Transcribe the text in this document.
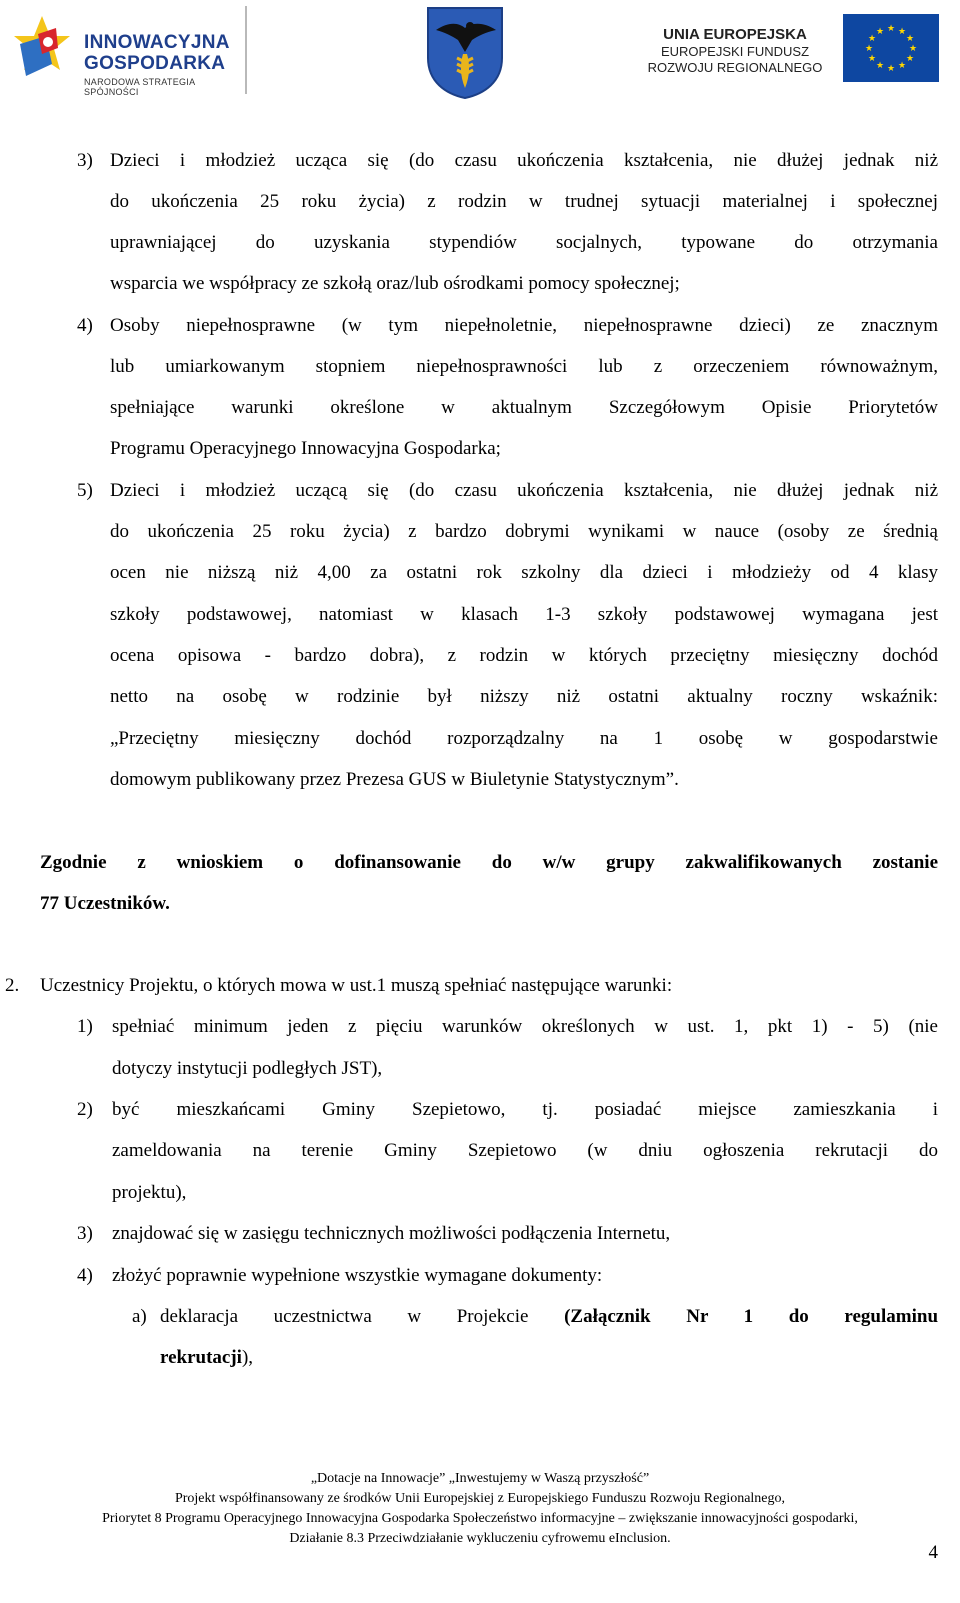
INNOWACYJNA
GOSPODARKA
NARODOWA STRATEGIA SPÓJNOŚCI
UNIA EUROPEJSKA
EUROPEJSKI FUNDUSZ
ROZWOJU REGIONALNEGO
★ ★
★
★
★
★
★
★
★
★
★
★
3) Dzieci i młodzież ucząca się (do czasu ukończenia kształcenia, nie dłużej jednak niż
do ukończenia 25 roku życia) z rodzin w trudnej sytuacji materialnej i społecznej
uprawniającej do uzyskania stypendiów socjalnych, typowane do otrzymania
wsparcia we współpracy ze szkołą oraz/lub ośrodkami pomocy społecznej;
4) Osoby niepełnosprawne (w tym niepełnoletnie, niepełnosprawne dzieci) ze znacznym
lub umiarkowanym stopniem niepełnosprawności lub z orzeczeniem równoważnym,
spełniające warunki określone w aktualnym Szczegółowym Opisie Priorytetów
Programu Operacyjnego Innowacyjna Gospodarka;
5) Dzieci i młodzież uczącą się (do czasu ukończenia kształcenia, nie dłużej jednak niż
do ukończenia 25 roku życia) z bardzo dobrymi wynikami w nauce (osoby ze średnią
ocen nie niższą niż 4,00 za ostatni rok szkolny dla dzieci i młodzieży od 4 klasy
szkoły podstawowej, natomiast w klasach 1-3 szkoły podstawowej wymagana jest
ocena opisowa - bardzo dobra), z rodzin w których przeciętny miesięczny dochód
netto na osobę w rodzinie był niższy niż ostatni aktualny roczny wskaźnik:
„Przeciętny miesięczny dochód rozporządzalny na 1 osobę w gospodarstwie
domowym publikowany przez Prezesa GUS w Biuletynie Statystycznym”.
Zgodnie z wnioskiem o dofinansowanie do w/w grupy zakwalifikowanych zostanie
77 Uczestników.
2. Uczestnicy Projektu, o których mowa w ust.1 muszą spełniać następujące warunki:
1) spełniać minimum jeden z pięciu warunków określonych w ust. 1, pkt 1) - 5) (nie
dotyczy instytucji podległych JST),
2) być mieszkańcami Gminy Szepietowo, tj. posiadać miejsce zamieszkania i
zameldowania na terenie Gminy Szepietowo (w dniu ogłoszenia rekrutacji do
projektu),
3) znajdować się w zasięgu technicznych możliwości podłączenia Internetu,
4) złożyć poprawnie wypełnione wszystkie wymagane dokumenty:
a) deklaracja uczestnictwa w Projekcie (Załącznik Nr 1 do regulaminu
rekrutacji),
„Dotacje na Innowacje” „Inwestujemy w Waszą przyszłość”
Projekt współfinansowany ze środków Unii Europejskiej z Europejskiego Funduszu Rozwoju Regionalnego,
Priorytet 8 Programu Operacyjnego Innowacyjna Gospodarka Społeczeństwo informacyjne – zwiększanie innowacyjności gospodarki,
Działanie 8.3 Przeciwdziałanie wykluczeniu cyfrowemu eInclusion.
4
